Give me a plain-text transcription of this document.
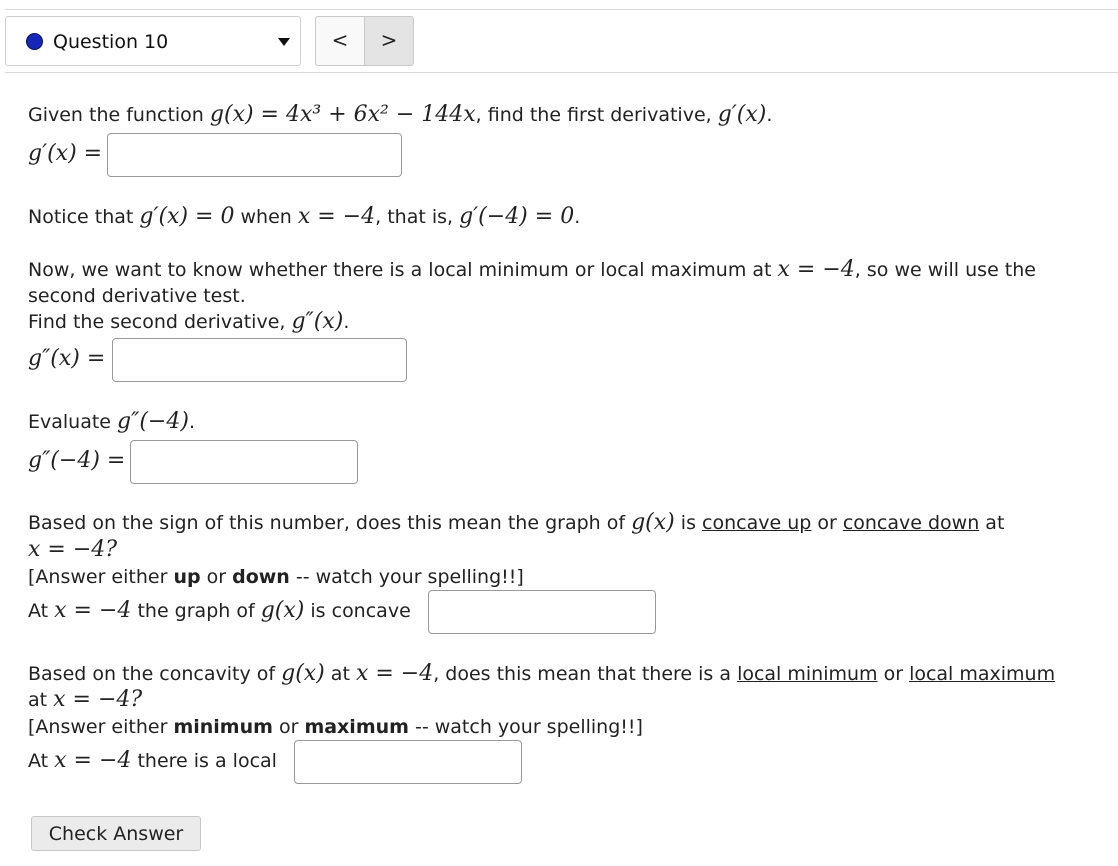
Question 10	<	>
Given the function g(x) = 4x³ + 6x² − 144x, find the first derivative, g′(x).
g′(x) =
Notice that g′(x) = 0 when x = −4, that is, g′(−4) = 0.
Now, we want to know whether there is a local minimum or local maximum at x = −4, so we will use the
second derivative test.
Find the second derivative, g″(x).
g″(x) =
Evaluate g″(−4).
g″(−4) =
Based on the sign of this number, does this mean the graph of g(x) is concave up or concave down at
x = −4?
[Answer either up or down -- watch your spelling!!]
At x = −4 the graph of g(x) is concave
Based on the concavity of g(x) at x = −4, does this mean that there is a local minimum or local maximum
at x = −4?
[Answer either minimum or maximum -- watch your spelling!!]
At x = −4 there is a local
Check Answer
